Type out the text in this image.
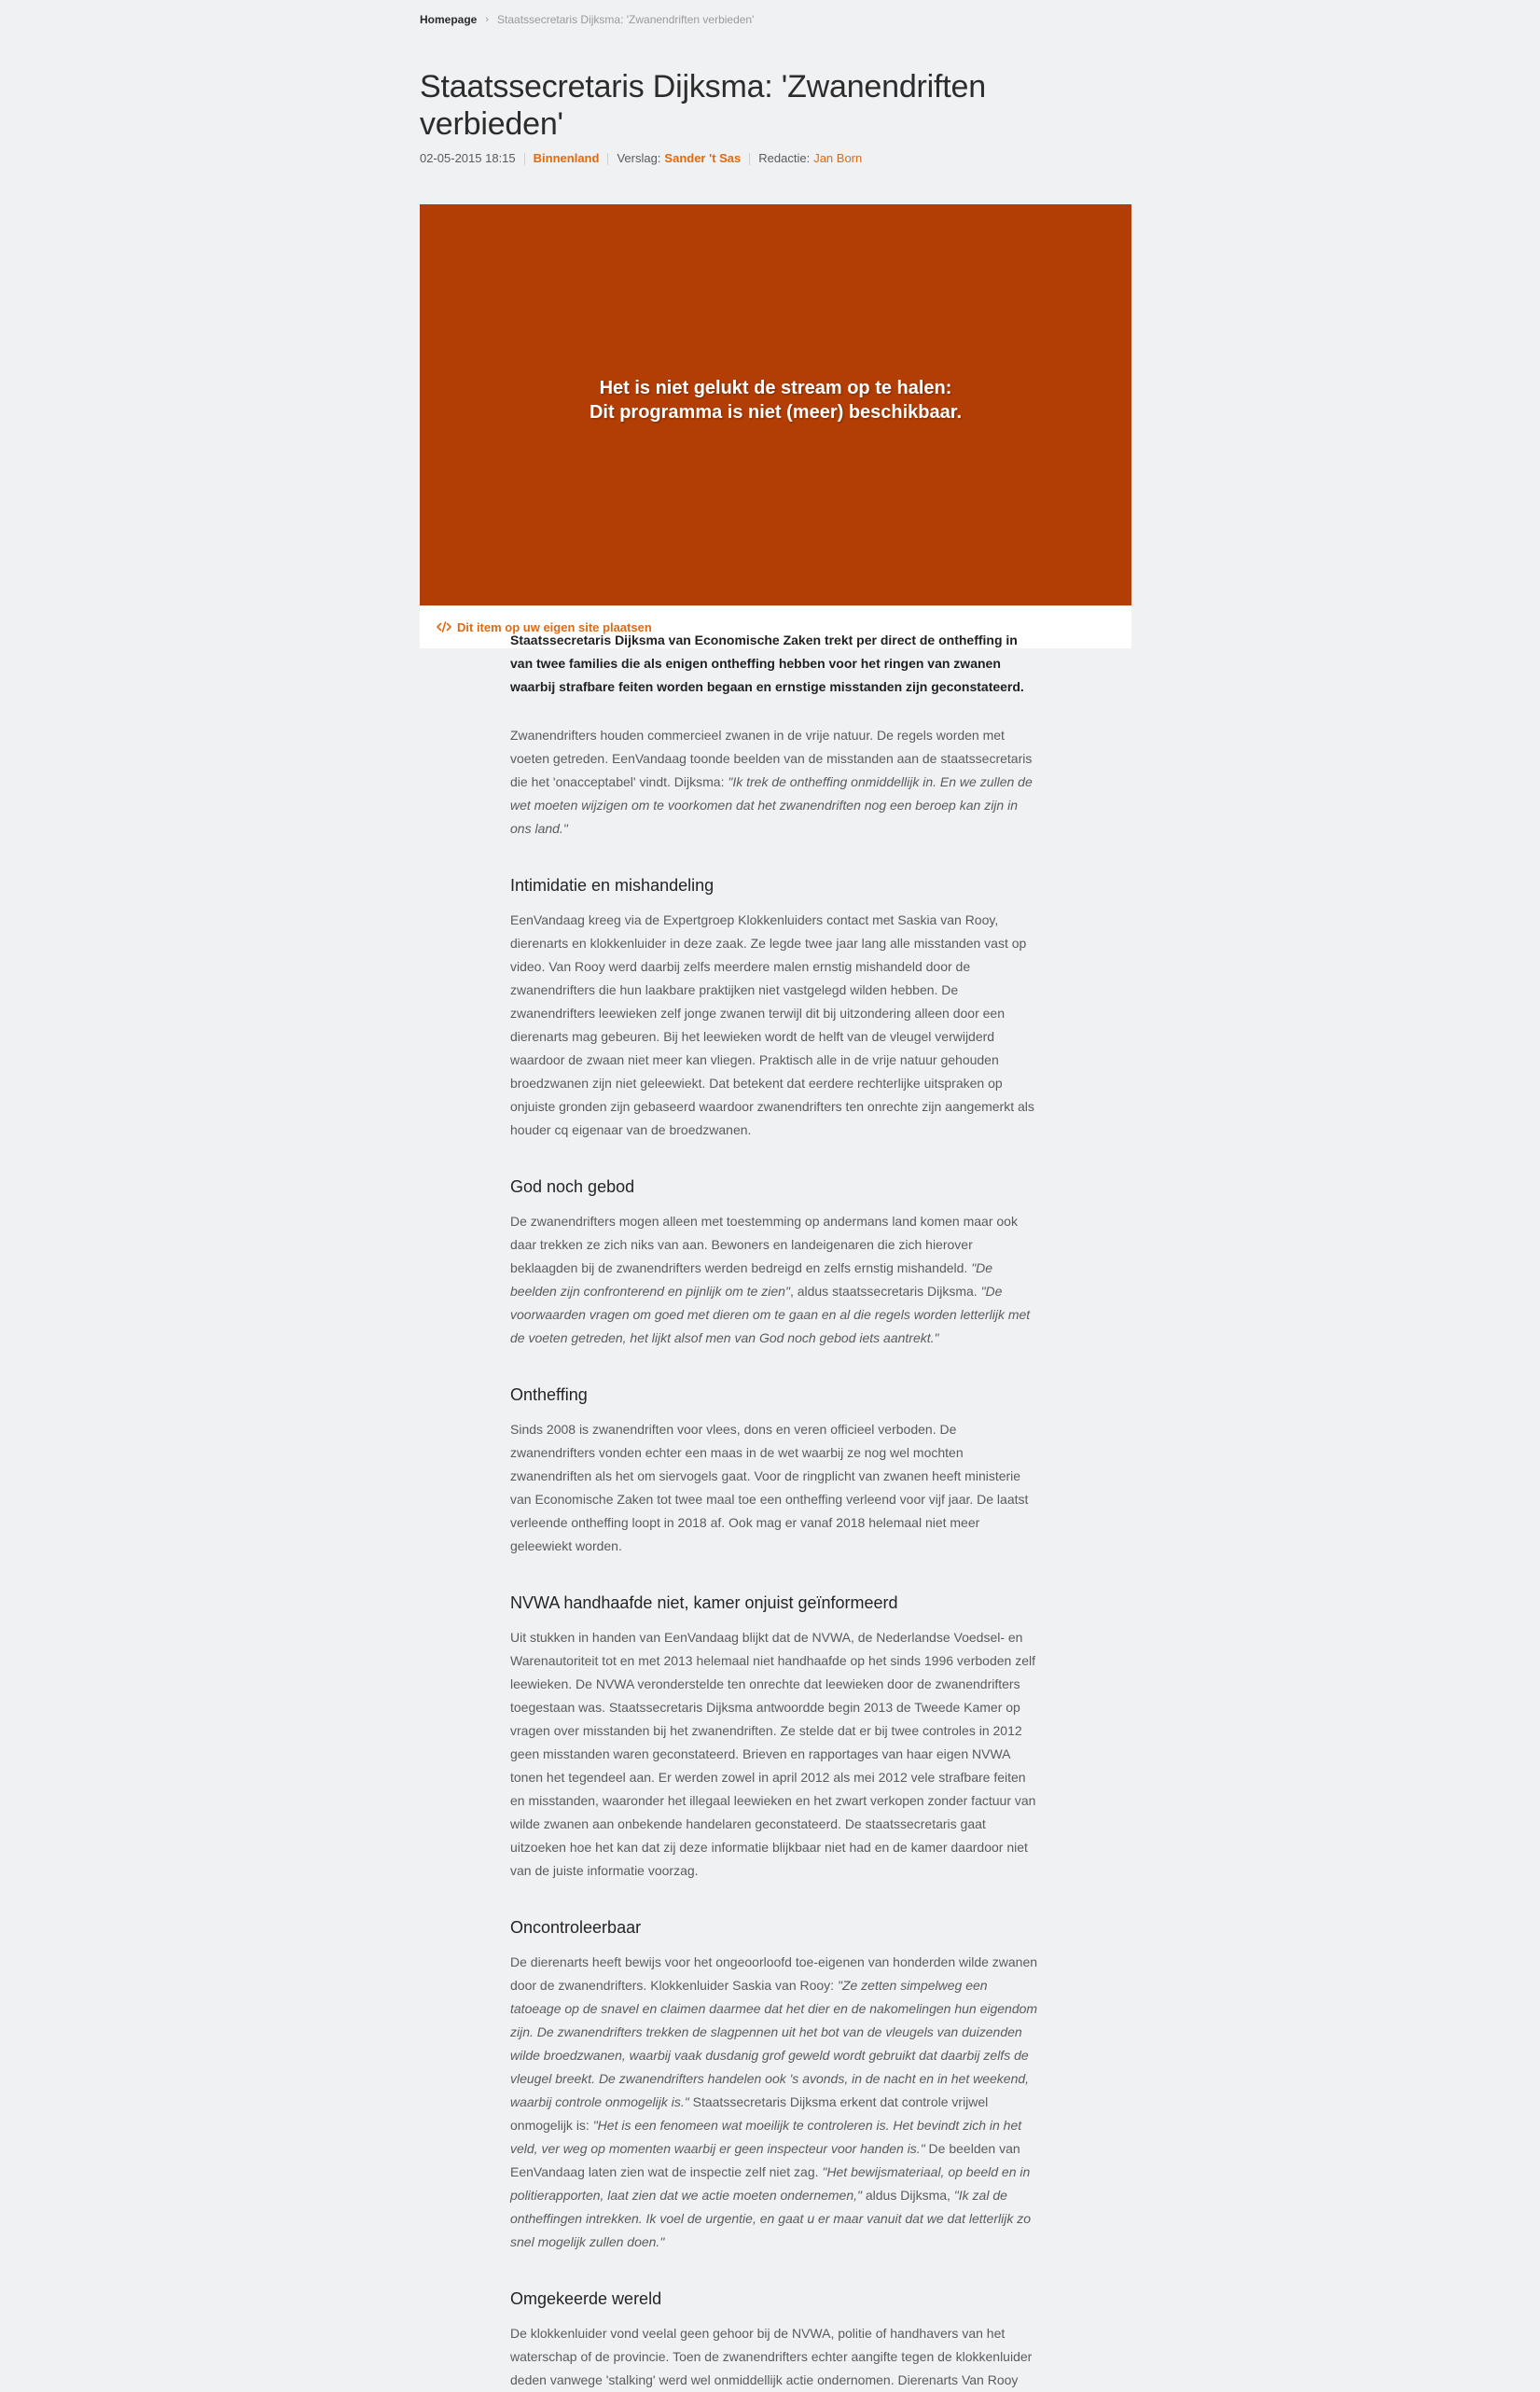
Homepage › Staatssecretaris Dijksma: 'Zwanendriften verbieden'
Staatssecretaris Dijksma: 'Zwanendriften verbieden'
02-05-2015 18:15 Binnenland Verslag: Sander 't Sas Redactie: Jan Born
Het is niet gelukt de stream op te halen:
Dit programma is niet (meer) beschikbaar.
Dit item op uw eigen site plaatsen

Staatssecretaris Dijksma van Economische Zaken trekt per direct de ontheffing in van twee families die als enigen ontheffing hebben voor het ringen van zwanen waarbij strafbare feiten worden begaan en ernstige misstanden zijn geconstateerd.

Zwanendrifters houden commercieel zwanen in de vrije natuur. De regels worden met voeten getreden. EenVandaag toonde beelden van de misstanden aan de staatssecretaris die het 'onacceptabel' vindt. Dijksma: "Ik trek de ontheffing onmiddellijk in. En we zullen de wet moeten wijzigen om te voorkomen dat het zwanendriften nog een beroep kan zijn in ons land."

Intimidatie en mishandeling

EenVandaag kreeg via de Expertgroep Klokkenluiders contact met Saskia van Rooy, dierenarts en klokkenluider in deze zaak. Ze legde twee jaar lang alle misstanden vast op video. Van Rooy werd daarbij zelfs meerdere malen ernstig mishandeld door de zwanendrifters die hun laakbare praktijken niet vastgelegd wilden hebben. De zwanendrifters leewieken zelf jonge zwanen terwijl dit bij uitzondering alleen door een dierenarts mag gebeuren. Bij het leewieken wordt de helft van de vleugel verwijderd waardoor de zwaan niet meer kan vliegen. Praktisch alle in de vrije natuur gehouden broedzwanen zijn niet geleewiekt. Dat betekent dat eerdere rechterlijke uitspraken op onjuiste gronden zijn gebaseerd waardoor zwanendrifters ten onrechte zijn aangemerkt als houder cq eigenaar van de broedzwanen.

God noch gebod

De zwanendrifters mogen alleen met toestemming op andermans land komen maar ook daar trekken ze zich niks van aan. Bewoners en landeigenaren die zich hierover beklaagden bij de zwanendrifters werden bedreigd en zelfs ernstig mishandeld. "De beelden zijn confronterend en pijnlijk om te zien", aldus staatssecretaris Dijksma. "De voorwaarden vragen om goed met dieren om te gaan en al die regels worden letterlijk met de voeten getreden, het lijkt alsof men van God noch gebod iets aantrekt."

Ontheffing

Sinds 2008 is zwanendriften voor vlees, dons en veren officieel verboden. De zwanendrifters vonden echter een maas in de wet waarbij ze nog wel mochten zwanendriften als het om siervogels gaat. Voor de ringplicht van zwanen heeft ministerie van Economische Zaken tot twee maal toe een ontheffing verleend voor vijf jaar. De laatst verleende ontheffing loopt in 2018 af. Ook mag er vanaf 2018 helemaal niet meer geleewiekt worden.

NVWA handhaafde niet, kamer onjuist geïnformeerd

Uit stukken in handen van EenVandaag blijkt dat de NVWA, de Nederlandse Voedsel- en Warenautoriteit tot en met 2013 helemaal niet handhaafde op het sinds 1996 verboden zelf leewieken. De NVWA veronderstelde ten onrechte dat leewieken door de zwanendrifters toegestaan was. Staatssecretaris Dijksma antwoordde begin 2013 de Tweede Kamer op vragen over misstanden bij het zwanendriften. Ze stelde dat er bij twee controles in 2012 geen misstanden waren geconstateerd. Brieven en rapportages van haar eigen NVWA tonen het tegendeel aan. Er werden zowel in april 2012 als mei 2012 vele strafbare feiten en misstanden, waaronder het illegaal leewieken en het zwart verkopen zonder factuur van wilde zwanen aan onbekende handelaren geconstateerd. De staatssecretaris gaat uitzoeken hoe het kan dat zij deze informatie blijkbaar niet had en de kamer daardoor niet van de juiste informatie voorzag.

Oncontroleerbaar

De dierenarts heeft bewijs voor het ongeoorloofd toe-eigenen van honderden wilde zwanen door de zwanendrifters. Klokkenluider Saskia van Rooy: "Ze zetten simpelweg een tatoeage op de snavel en claimen daarmee dat het dier en de nakomelingen hun eigendom zijn. De zwanendrifters trekken de slagpennen uit het bot van de vleugels van duizenden wilde broedzwanen, waarbij vaak dusdanig grof geweld wordt gebruikt dat daarbij zelfs de vleugel breekt. De zwanendrifters handelen ook 's avonds, in de nacht en in het weekend, waarbij controle onmogelijk is." Staatssecretaris Dijksma erkent dat controle vrijwel onmogelijk is: "Het is een fenomeen wat moeilijk te controleren is. Het bevindt zich in het veld, ver weg op momenten waarbij er geen inspecteur voor handen is." De beelden van EenVandaag laten zien wat de inspectie zelf niet zag. "Het bewijsmateriaal, op beeld en in politierapporten, laat zien dat we actie moeten ondernemen," aldus Dijksma, "Ik zal de ontheffingen intrekken. Ik voel de urgentie, en gaat u er maar vanuit dat we dat letterlijk zo snel mogelijk zullen doen."

Omgekeerde wereld

De klokkenluider vond veelal geen gehoor bij de NVWA, politie of handhavers van het waterschap of de provincie. Toen de zwanendrifters echter aangifte tegen de klokkenluider deden vanwege 'stalking' werd wel onmiddellijk actie ondernomen. Dierenarts Van Rooy
